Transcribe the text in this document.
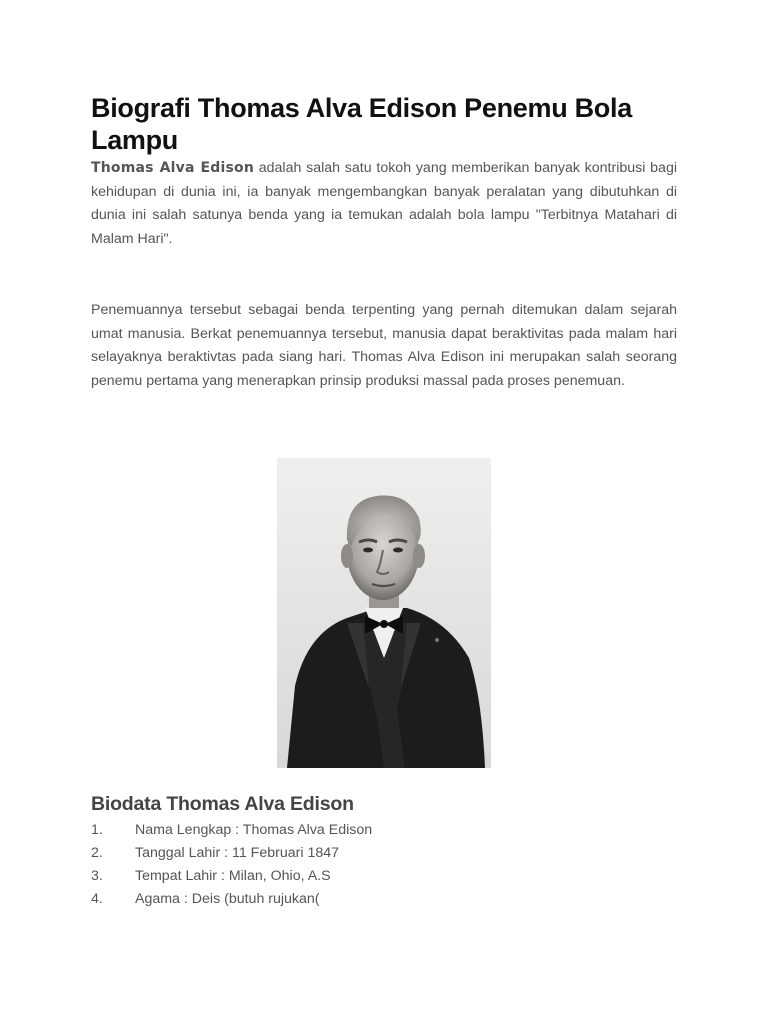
Biografi Thomas Alva Edison Penemu Bola Lampu

Thomas Alva Edison adalah salah satu tokoh yang memberikan banyak kontribusi bagi kehidupan di dunia ini, ia banyak mengembangkan banyak peralatan yang dibutuhkan di dunia ini salah satunya benda yang ia temukan adalah bola lampu "Terbitnya Matahari di Malam Hari".

Penemuannya tersebut sebagai benda terpenting yang pernah ditemukan dalam sejarah umat manusia. Berkat penemuannya tersebut, manusia dapat beraktivitas pada malam hari selayaknya beraktivtas pada siang hari. Thomas Alva Edison ini merupakan salah seorang penemu pertama yang menerapkan prinsip produksi massal pada proses penemuan.

Biodata Thomas Alva Edison
1.	Nama Lengkap : Thomas Alva Edison
2.	Tanggal Lahir : 11 Februari 1847
3.	Tempat Lahir : Milan, Ohio, A.S
4.	Agama : Deis (butuh rujukan(
